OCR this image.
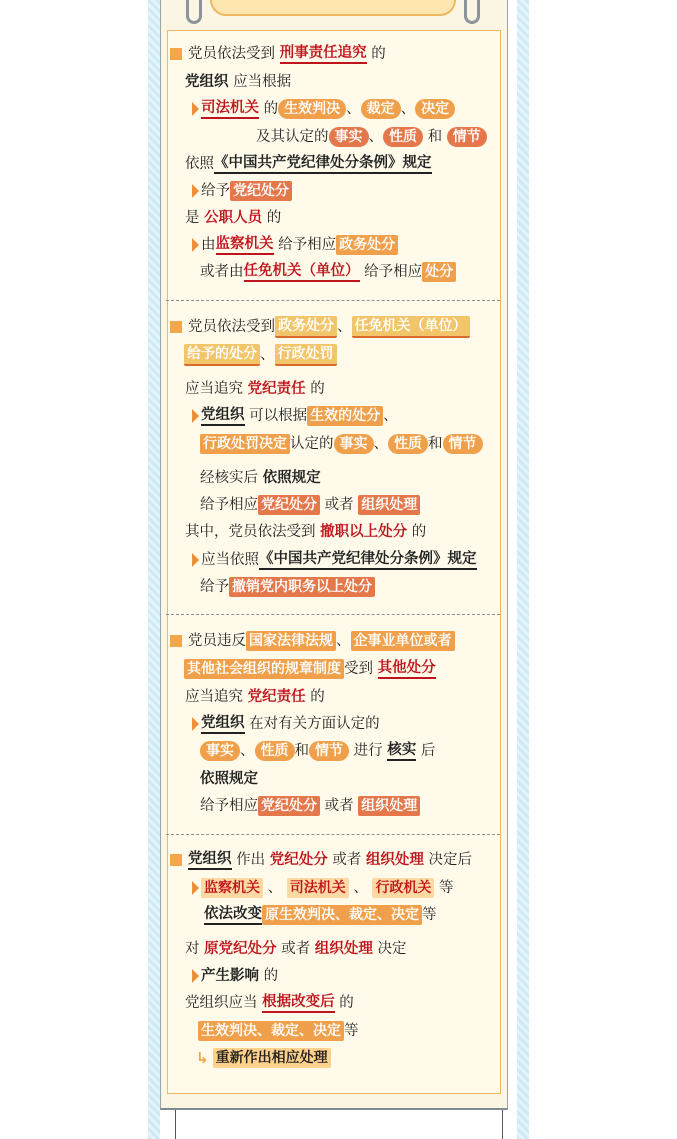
党员依法受到
刑事责任追究
的
党组织
应当根据
司法机关
的 生效判决 、 裁定 、 决定
及其认定的 事实 、 性质
和
情节
依照 《中国共产党纪律处分条例》规定
给予 党纪处分
是
公职人员
的
由 监察机关
给予相应 政务处分
或者由 任免机关（单位）
给予相应 处分
党员依法受到 政务处分 、 任免机关（单位）
给予的处分 、 行政处罚
应当追究
党纪责任
的
党组织
可以根据 生效的处分 、
行政处罚决定 认定的 事实 、 性质 和 情节
经核实后
依照规定
给予相应 党纪处分
或者
组织处理
其中，党员依法受到
撤职以上处分
的
应当依照 《中国共产党纪律处分条例》规定
给予 撤销党内职务以上处分
党员违反 国家法律法规 、 企事业单位或者
其他社会组织的规章制度 受到
其他处分
应当追究
党纪责任
的
党组织
在对有关方面认定的
事实 、 性质 和 情节
进行
核实
后
依照规定
给予相应 党纪处分
或者
组织处理
党组织
作出
党纪处分
或者
组织处理
决定后
监察机关
、
司法机关
、
行政机关
等
依法改变 原生效判决、裁定、决定 等
对
原党纪处分
或者
组织处理
决定
产生影响
的
党组织应当
根据改变后
的
生效判决、裁定、决定 等
↳ 重新作出相应处理
